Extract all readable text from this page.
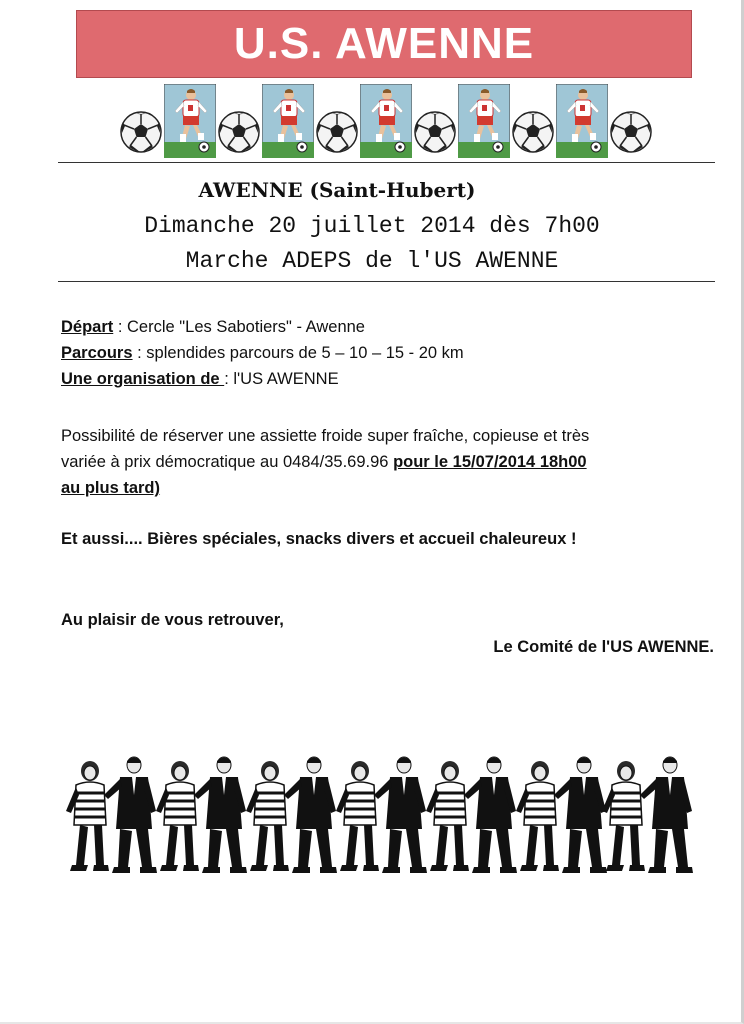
U.S. AWENNE
AWENNE (Saint-Hubert)
Dimanche 20 juillet 2014 dès 7h00
Marche ADEPS de l'US AWENNE
Départ : Cercle "Les Sabotiers" - Awenne
Parcours : splendides parcours de 5 – 10 – 15 - 20 km
Une organisation de : l'US AWENNE
Possibilité de réserver une assiette froide super fraîche, copieuse et très
variée à prix démocratique au 0484/35.69.96 pour le 15/07/2014 18h00
au plus tard)
Et aussi.... Bières spéciales, snacks divers et accueil chaleureux !
Au plaisir de vous retrouver,
Le Comité de l'US AWENNE.
